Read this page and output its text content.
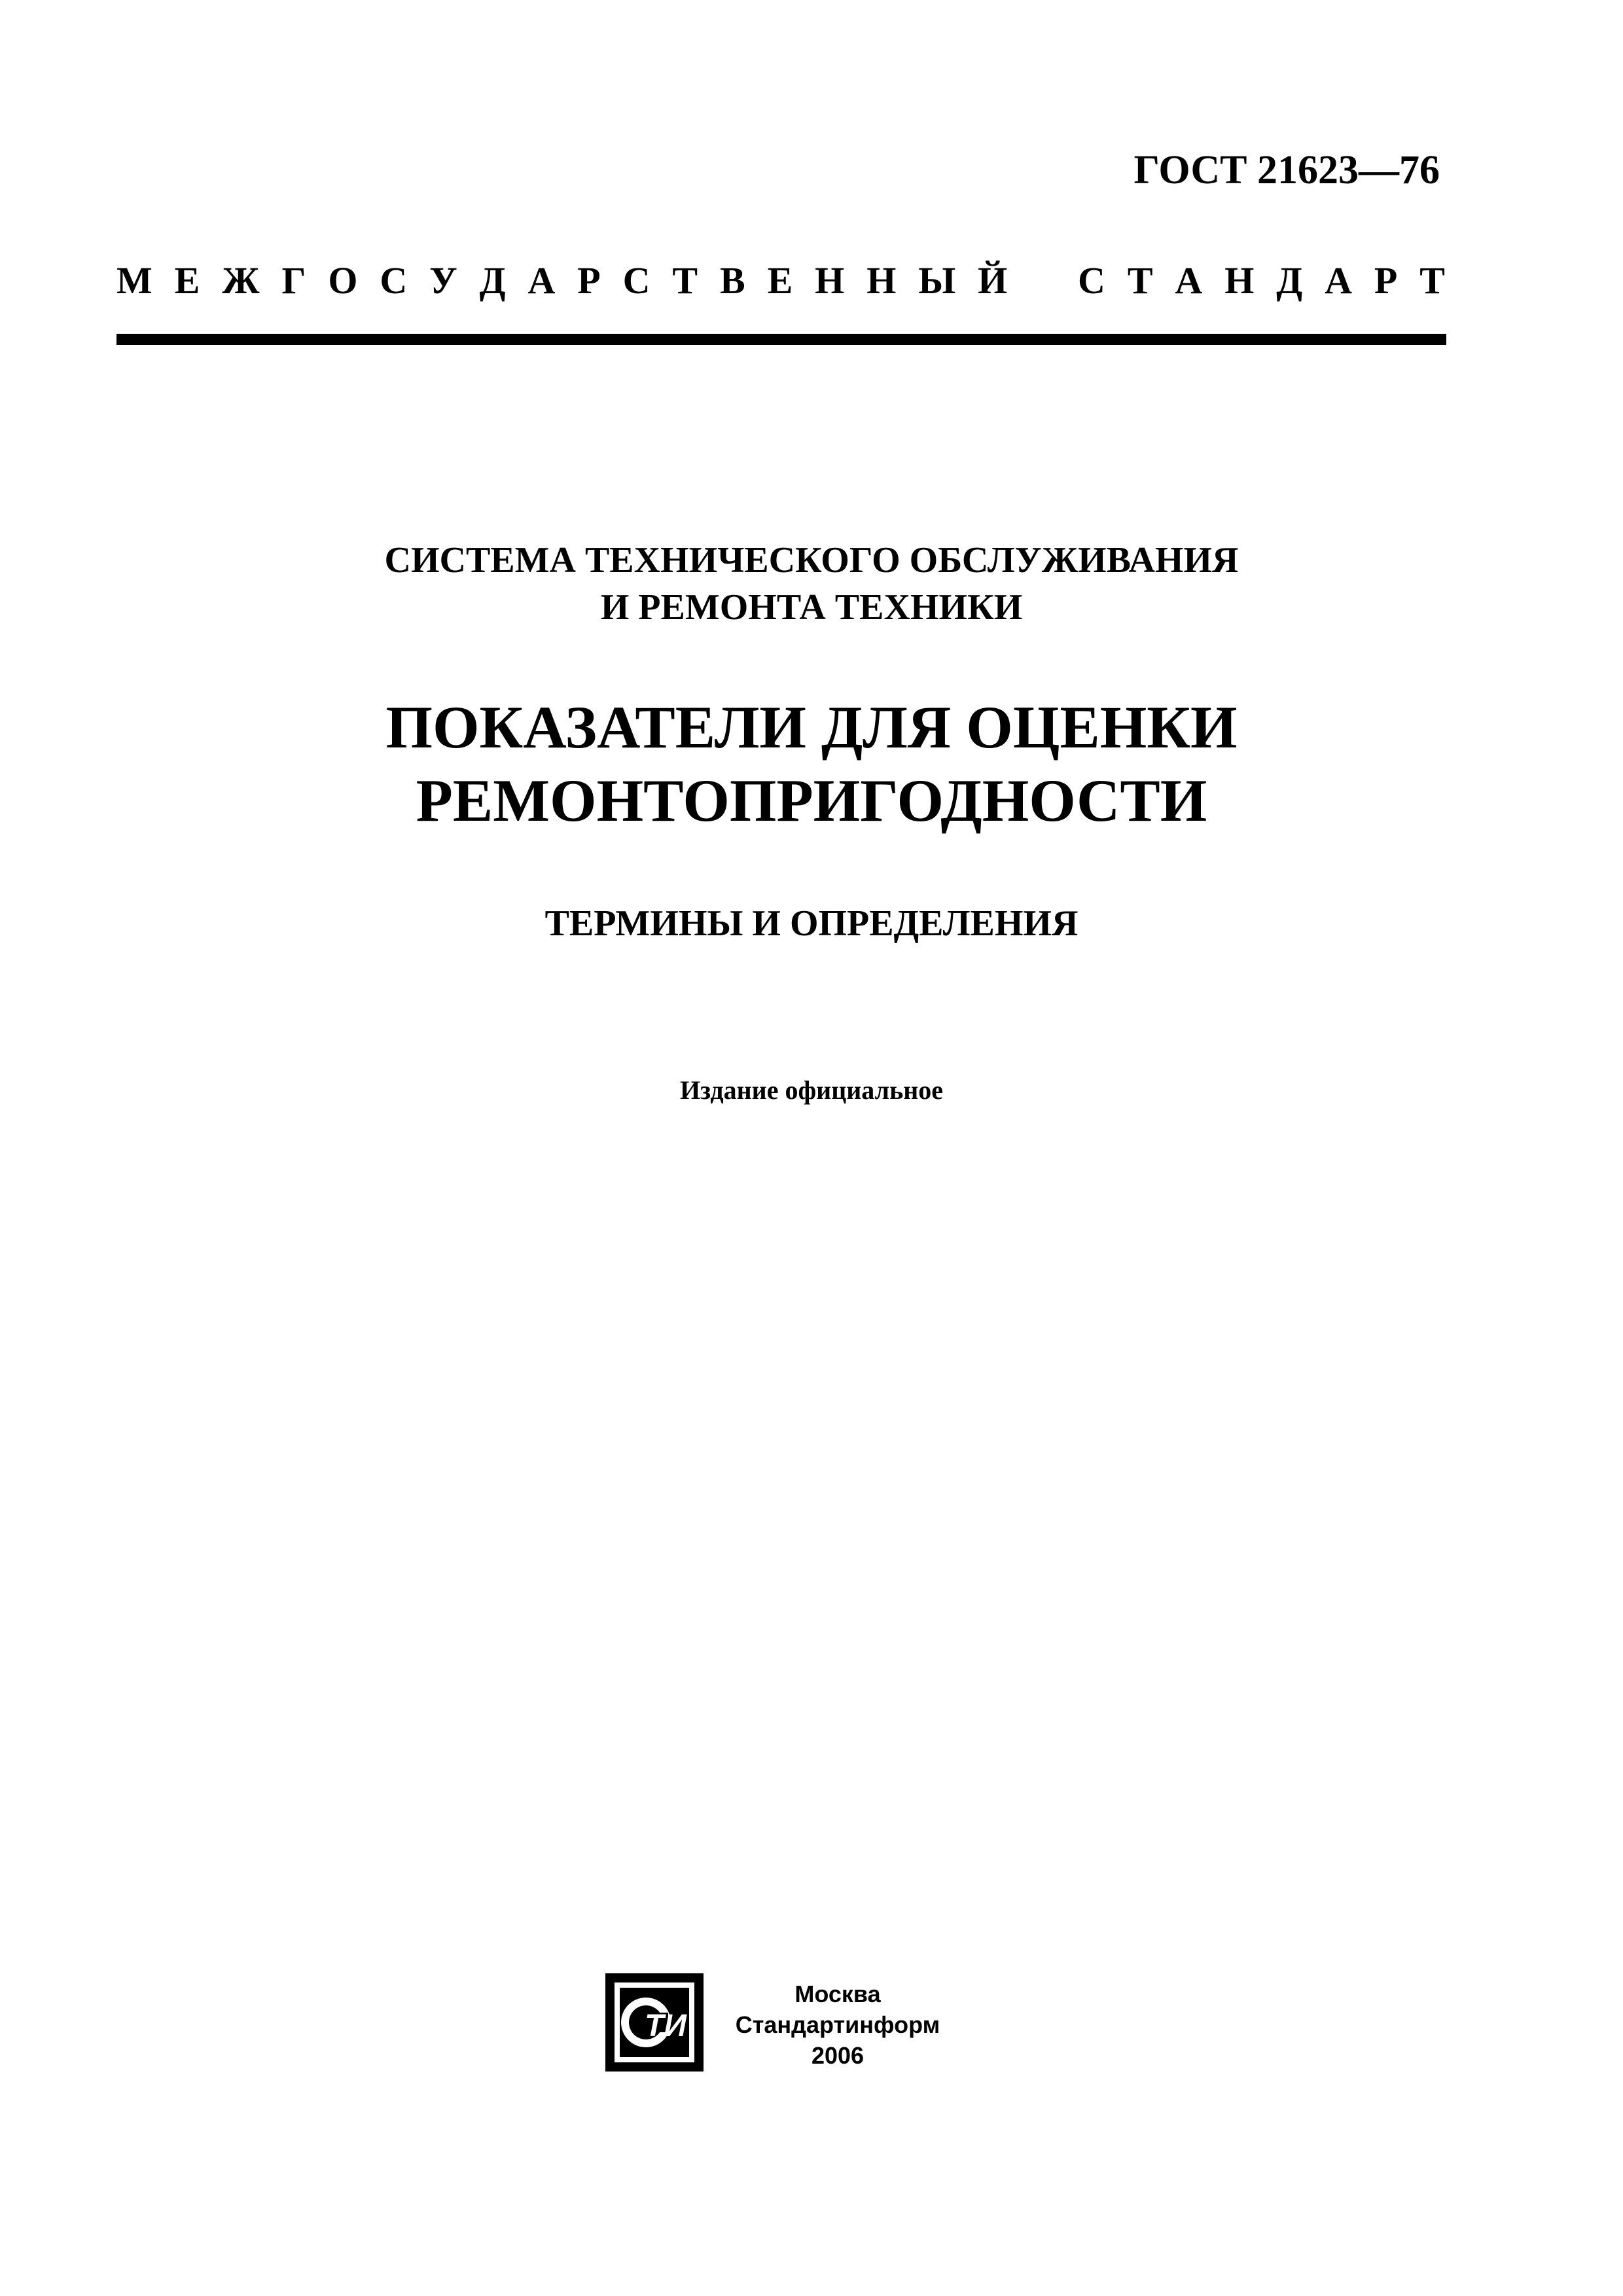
ГОСТ 21623—76
М Е Ж Г О С У Д А Р С Т В Е Н Н Ы Й С Т А Н Д А Р Т
СИСТЕМА ТЕХНИЧЕСКОГО ОБСЛУЖИВАНИЯ
И РЕМОНТА ТЕХНИКИ
ПОКАЗАТЕЛИ ДЛЯ ОЦЕНКИ
РЕМОНТОПРИГОДНОСТИ
ТЕРМИНЫ И ОПРЕДЕЛЕНИЯ
Издание официальное
ТИ
Москва
Стандартинформ
2006
